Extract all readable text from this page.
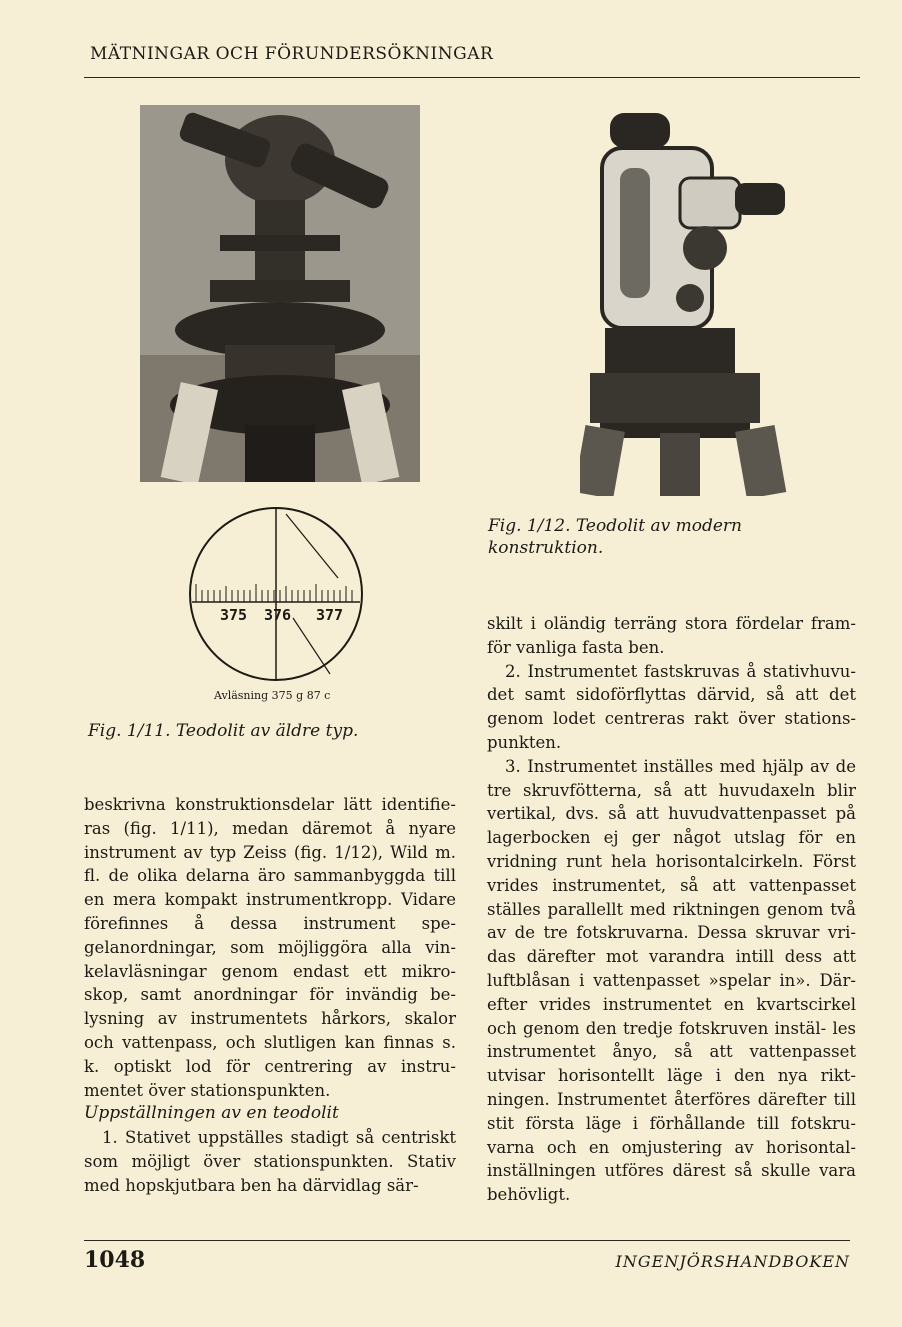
MÄTNINGAR OCH FÖRUNDERSÖKNINGAR
375 376 377
Avläsning 375 g 87 c
Fig. 1/11. Teodolit av äldre typ.
Fig. 1/12. Teodolit av modern konstruktion.

beskrivna konstruktionsdelar lätt identifie- ras (fig. 1/11), medan däremot å nyare instrument av typ Zeiss (fig. 1/12), Wild m. fl. de olika delarna äro sammanbyggda till en mera kompakt instrumentkropp. Vidare förefinnes å dessa instrument spe- gelanordningar, som möjliggöra alla vin- kelavläsningar genom endast ett mikro- skop, samt anordningar för invändig be- lysning av instrumentets hårkors, skalor och vattenpass, och slutligen kan finnas s. k. optiskt lod för centrering av instru- mentet över stationspunkten.

Uppställningen av en teodolit

1. Stativet uppställes stadigt så centriskt som möjligt över stationspunkten. Stativ med hopskjutbara ben ha därvidlag sär-

skilt i oländig terräng stora fördelar fram- för vanliga fasta ben.

2. Instrumentet fastskruvas å stativhuvu- det samt sidoförflyttas därvid, så att det genom lodet centreras rakt över stations- punkten.

3. Instrumentet inställes med hjälp av de tre skruvfötterna, så att huvudaxeln blir vertikal, dvs. så att huvudvattenpasset på lagerbocken ej ger något utslag för en vridning runt hela horisontalcirkeln. Först vrides instrumentet, så att vattenpasset ställes parallellt med riktningen genom två av de tre fotskruvarna. Dessa skruvar vri- das därefter mot varandra intill dess att luftblåsan i vattenpasset »spelar in». Där- efter vrides instrumentet en kvartscirkel och genom den tredje fotskruven instäl- les instrumentet ånyo, så att vattenpasset utvisar horisontellt läge i den nya rikt- ningen. Instrumentet återföres därefter till stit första läge i förhållande till fotskru- varna och en omjustering av horisontal- inställningen utföres därest så skulle vara behövligt.

1048	INGENJÖRSHANDBOKEN
